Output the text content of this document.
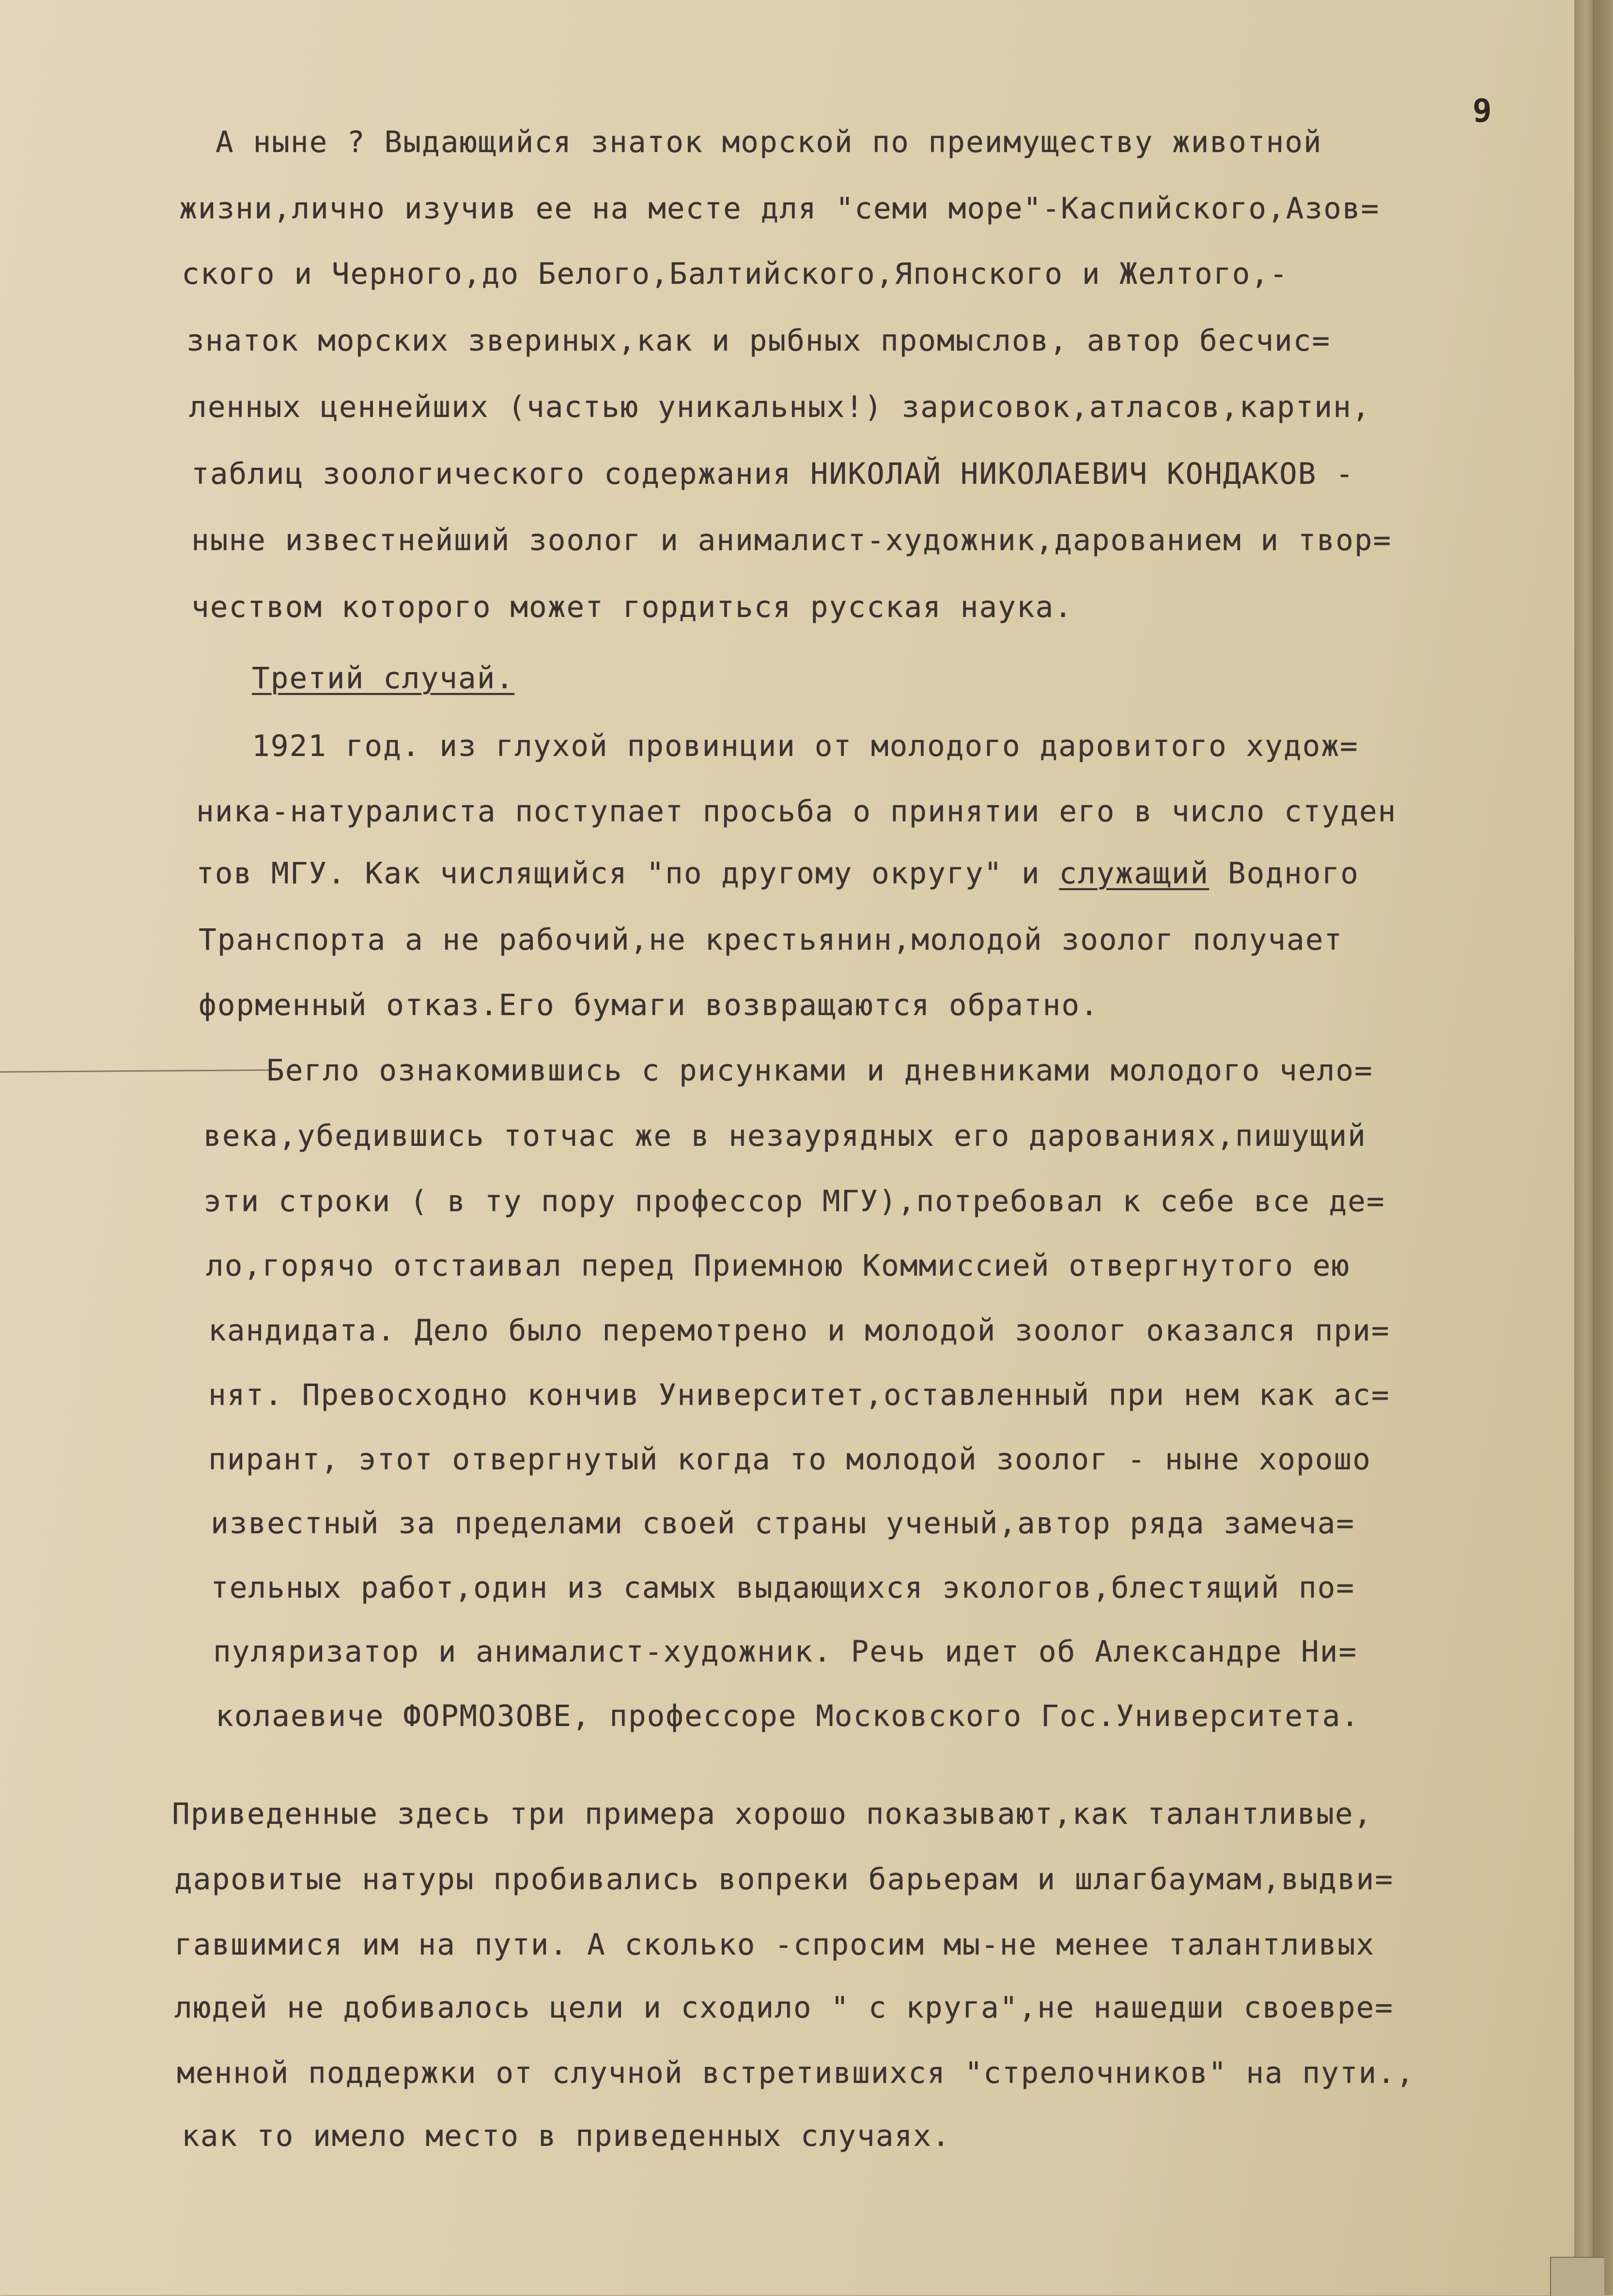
9
А ныне ? Выдающийся знаток морской по преимуществу животной
жизни,лично изучив ее на месте для "семи море"-Каспийского,Азов=
ского и Черного,до Белого,Балтийского,Японского и Желтого,-
знаток морских звериных,как и рыбных промыслов, автор бесчис=
ленных ценнейших (частью уникальных!) зарисовок,атласов,картин,
таблиц зоологического содержания НИКОЛАЙ НИКОЛАЕВИЧ КОНДАКОВ -
ныне известнейший зоолог и анималист-художник,дарованием и твор=
чеством которого может гордиться русская наука.
Третий случай.
1921 год. из глухой провинции от молодого даровитого худож=
ника-натуралиста поступает просьба о принятии его в число студен
тов МГУ. Как числящийся "по другому округу" и служащий Водного
Транспорта а не рабочий,не крестьянин,молодой зоолог получает
форменный отказ.Его бумаги возвращаются обратно.
Бегло ознакомившись с рисунками и дневниками молодого чело=
века,убедившись тотчас же в незаурядных его дарованиях,пишущий
эти строки ( в ту пору профессор МГУ),потребовал к себе все де=
ло,горячо отстаивал перед Приемною Коммиссией отвергнутого ею
кандидата. Дело было перемотрено и молодой зоолог оказался при=
нят. Превосходно кончив Университет,оставленный при нем как ас=
пирант, этот отвергнутый когда то молодой зоолог - ныне хорошо
известный за пределами своей страны ученый,автор ряда замеча=
тельных работ,один из самых выдающихся экологов,блестящий по=
пуляризатор и анималист-художник. Речь идет об Александре Ни=
колаевиче ФОРМОЗОВЕ, профессоре Московского Гос.Университета.
Приведенные здесь три примера хорошо показывают,как талантливые,
даровитые натуры пробивались вопреки барьерам и шлагбаумам,выдви=
гавшимися им на пути. А сколько -спросим мы-не менее талантливых
людей не добивалось цели и сходило " с круга",не нашедши своевре=
менной поддержки от случной встретившихся "стрелочников" на пути.,
как то имело место в приведенных случаях.
